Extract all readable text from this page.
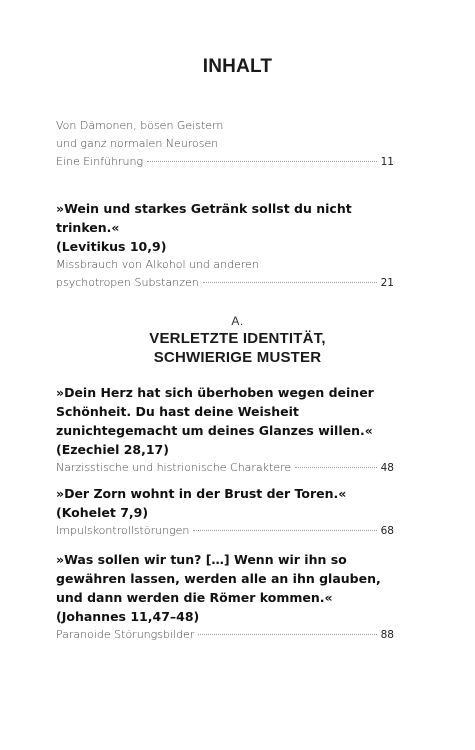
INHALT
Von Dämonen, bösen Geistern
und ganz normalen Neurosen
Eine Einführung	11
»Wein und starkes Getränk sollst du nicht
trinken.«
(Levitikus 10,9)
Missbrauch von Alkohol und anderen
psychotropen Substanzen	21
A.
VERLETZTE IDENTITÄT,
SCHWIERIGE MUSTER
»Dein Herz hat sich überhoben wegen deiner
Schönheit. Du hast deine Weisheit
zunichtegemacht um deines Glanzes willen.«
(Ezechiel 28,17)
Narzisstische und histrionische Charaktere	48
»Der Zorn wohnt in der Brust der Toren.«
(Kohelet 7,9)
Impulskontrollstörungen	68
»Was sollen wir tun? […] Wenn wir ihn so
gewähren lassen, werden alle an ihn glauben,
und dann werden die Römer kommen.«
(Johannes 11,47–48)
Paranoide Störungsbilder	88
